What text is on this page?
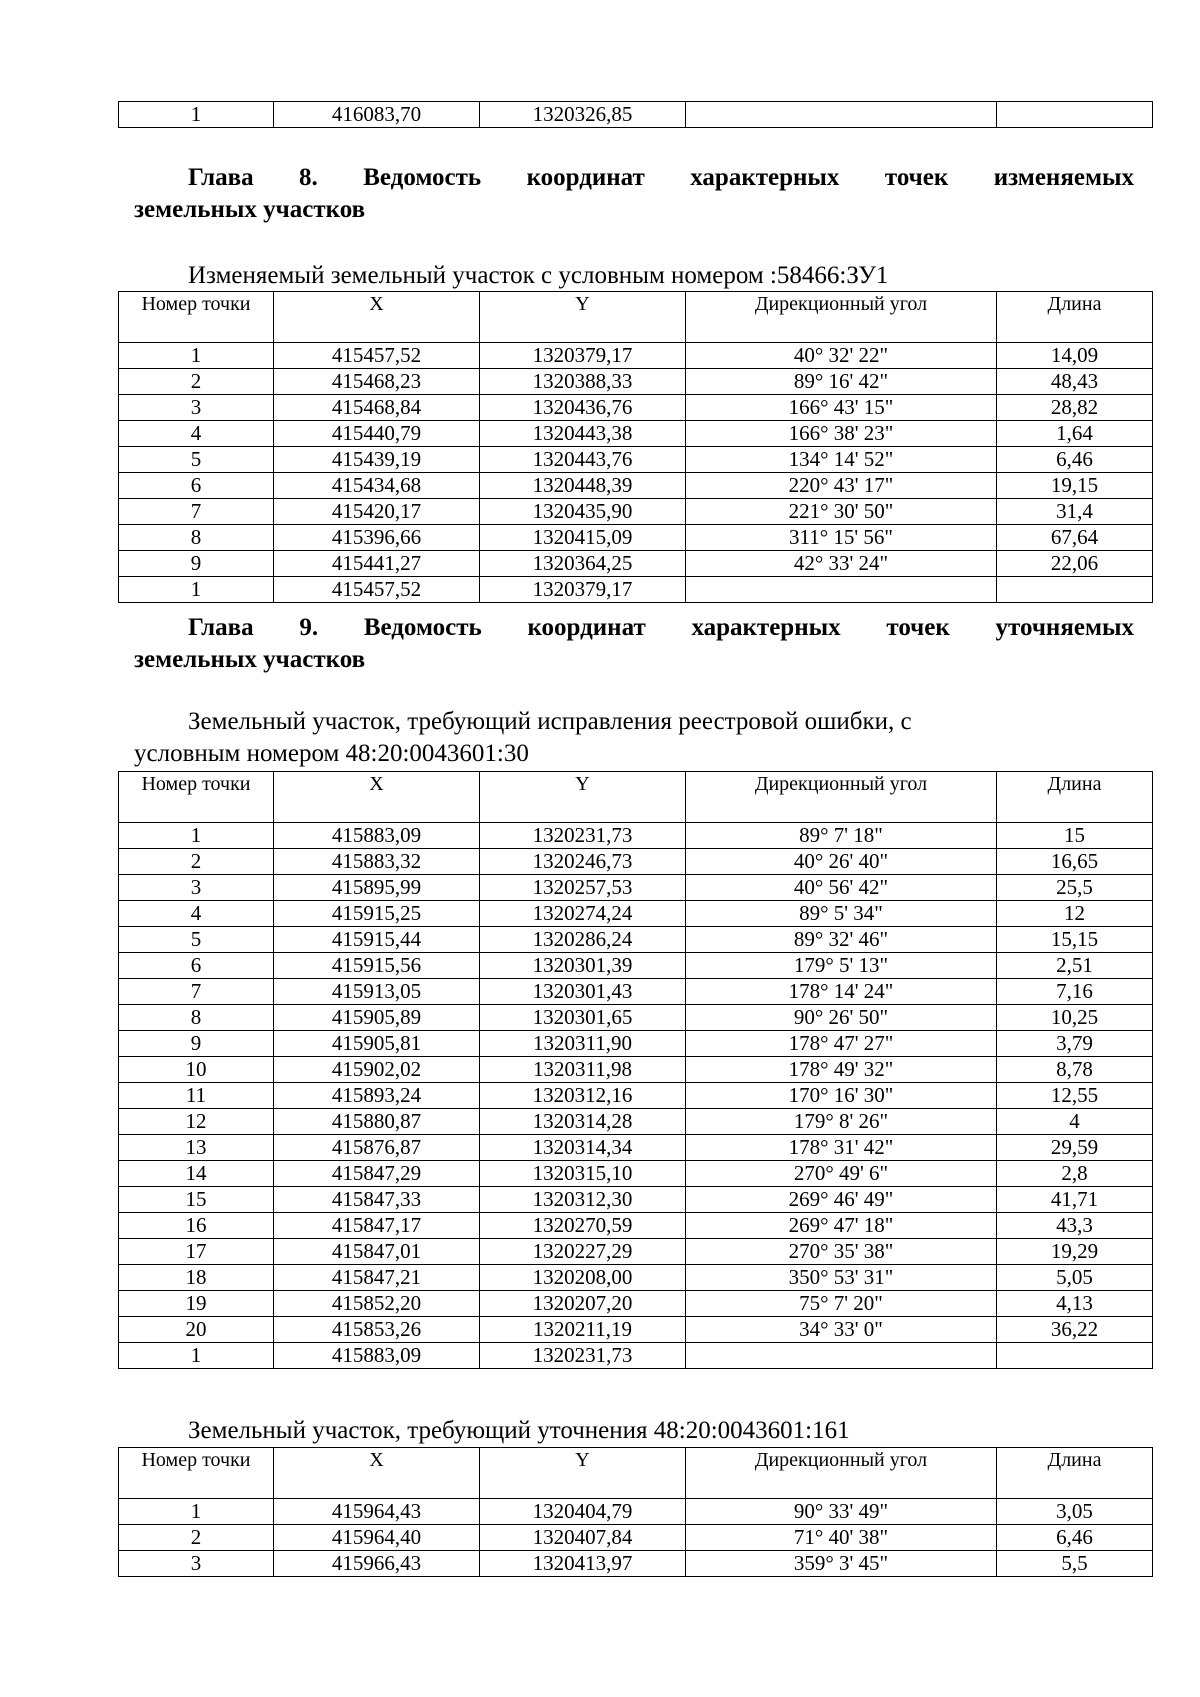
1	416083,70	1320326,85		
Глава 8. Ведомость координат характерных точек изменяемых
земельных участков
Изменяемый земельный участок с условным номером :58466:ЗУ1
Номер точки	X	Y	Дирекционный угол	Длина
1	415457,52	1320379,17	40° 32' 22"	14,09
2	415468,23	1320388,33	89° 16' 42"	48,43
3	415468,84	1320436,76	166° 43' 15"	28,82
4	415440,79	1320443,38	166° 38' 23"	1,64
5	415439,19	1320443,76	134° 14' 52"	6,46
6	415434,68	1320448,39	220° 43' 17"	19,15
7	415420,17	1320435,90	221° 30' 50"	31,4
8	415396,66	1320415,09	311° 15' 56"	67,64
9	415441,27	1320364,25	42° 33' 24"	22,06
1	415457,52	1320379,17		
Глава 9. Ведомость координат характерных точек уточняемых
земельных участков
Земельный участок, требующий исправления реестровой ошибки, с
условным номером 48:20:0043601:30
Номер точки	X	Y	Дирекционный угол	Длина
1	415883,09	1320231,73	89° 7' 18"	15
2	415883,32	1320246,73	40° 26' 40"	16,65
3	415895,99	1320257,53	40° 56' 42"	25,5
4	415915,25	1320274,24	89° 5' 34"	12
5	415915,44	1320286,24	89° 32' 46"	15,15
6	415915,56	1320301,39	179° 5' 13"	2,51
7	415913,05	1320301,43	178° 14' 24"	7,16
8	415905,89	1320301,65	90° 26' 50"	10,25
9	415905,81	1320311,90	178° 47' 27"	3,79
10	415902,02	1320311,98	178° 49' 32"	8,78
11	415893,24	1320312,16	170° 16' 30"	12,55
12	415880,87	1320314,28	179° 8' 26"	4
13	415876,87	1320314,34	178° 31' 42"	29,59
14	415847,29	1320315,10	270° 49' 6"	2,8
15	415847,33	1320312,30	269° 46' 49"	41,71
16	415847,17	1320270,59	269° 47' 18"	43,3
17	415847,01	1320227,29	270° 35' 38"	19,29
18	415847,21	1320208,00	350° 53' 31"	5,05
19	415852,20	1320207,20	75° 7' 20"	4,13
20	415853,26	1320211,19	34° 33' 0"	36,22
1	415883,09	1320231,73		
Земельный участок, требующий уточнения 48:20:0043601:161
Номер точки	X	Y	Дирекционный угол	Длина
1	415964,43	1320404,79	90° 33' 49"	3,05
2	415964,40	1320407,84	71° 40' 38"	6,46
3	415966,43	1320413,97	359° 3' 45"	5,5
